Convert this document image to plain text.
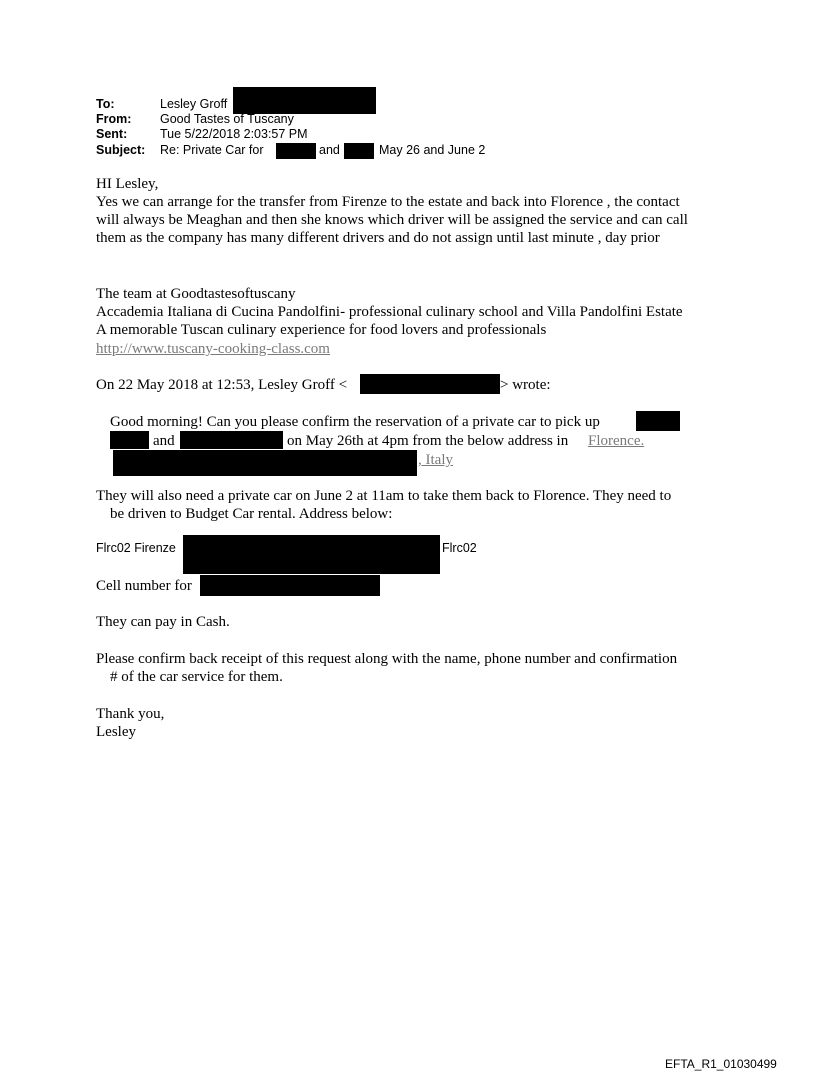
To:	Lesley Groff
From: Good Tastes of Tuscany
Sent:	Tue 5/22/2018 2:03:57 PM
Subject: Re: Private Car for	and	May 26 and June 2
HI Lesley,
Yes we can arrange for the transfer from Firenze to the estate and back into Florence , the contact
will always be Meaghan and then she knows which driver will be assigned the service and can call
them as the company has many different drivers and do not assign until last minute , day prior
The team at Goodtastesoftuscany
Accademia Italiana di Cucina Pandolfini- professional culinary school and Villa Pandolfini Estate
A memorable Tuscan culinary experience for food lovers and professionals
http://www.tuscany-cooking-class.com
On 22 May 2018 at 12:53, Lesley Groff <	> wrote:
Good morning! Can you please confirm the reservation of a private car to pick up
and	on May 26th at 4pm from the below address in Florence.
, Italy
They will also need a private car on June 2 at 11am to take them back to Florence. They need to
be driven to Budget Car rental. Address below:
Flrc02 Firenze	Flrc02
Cell number for
They can pay in Cash.
Please confirm back receipt of this request along with the name, phone number and confirmation
# of the car service for them.
Thank you,
Lesley
EFTA_R1_01030499
